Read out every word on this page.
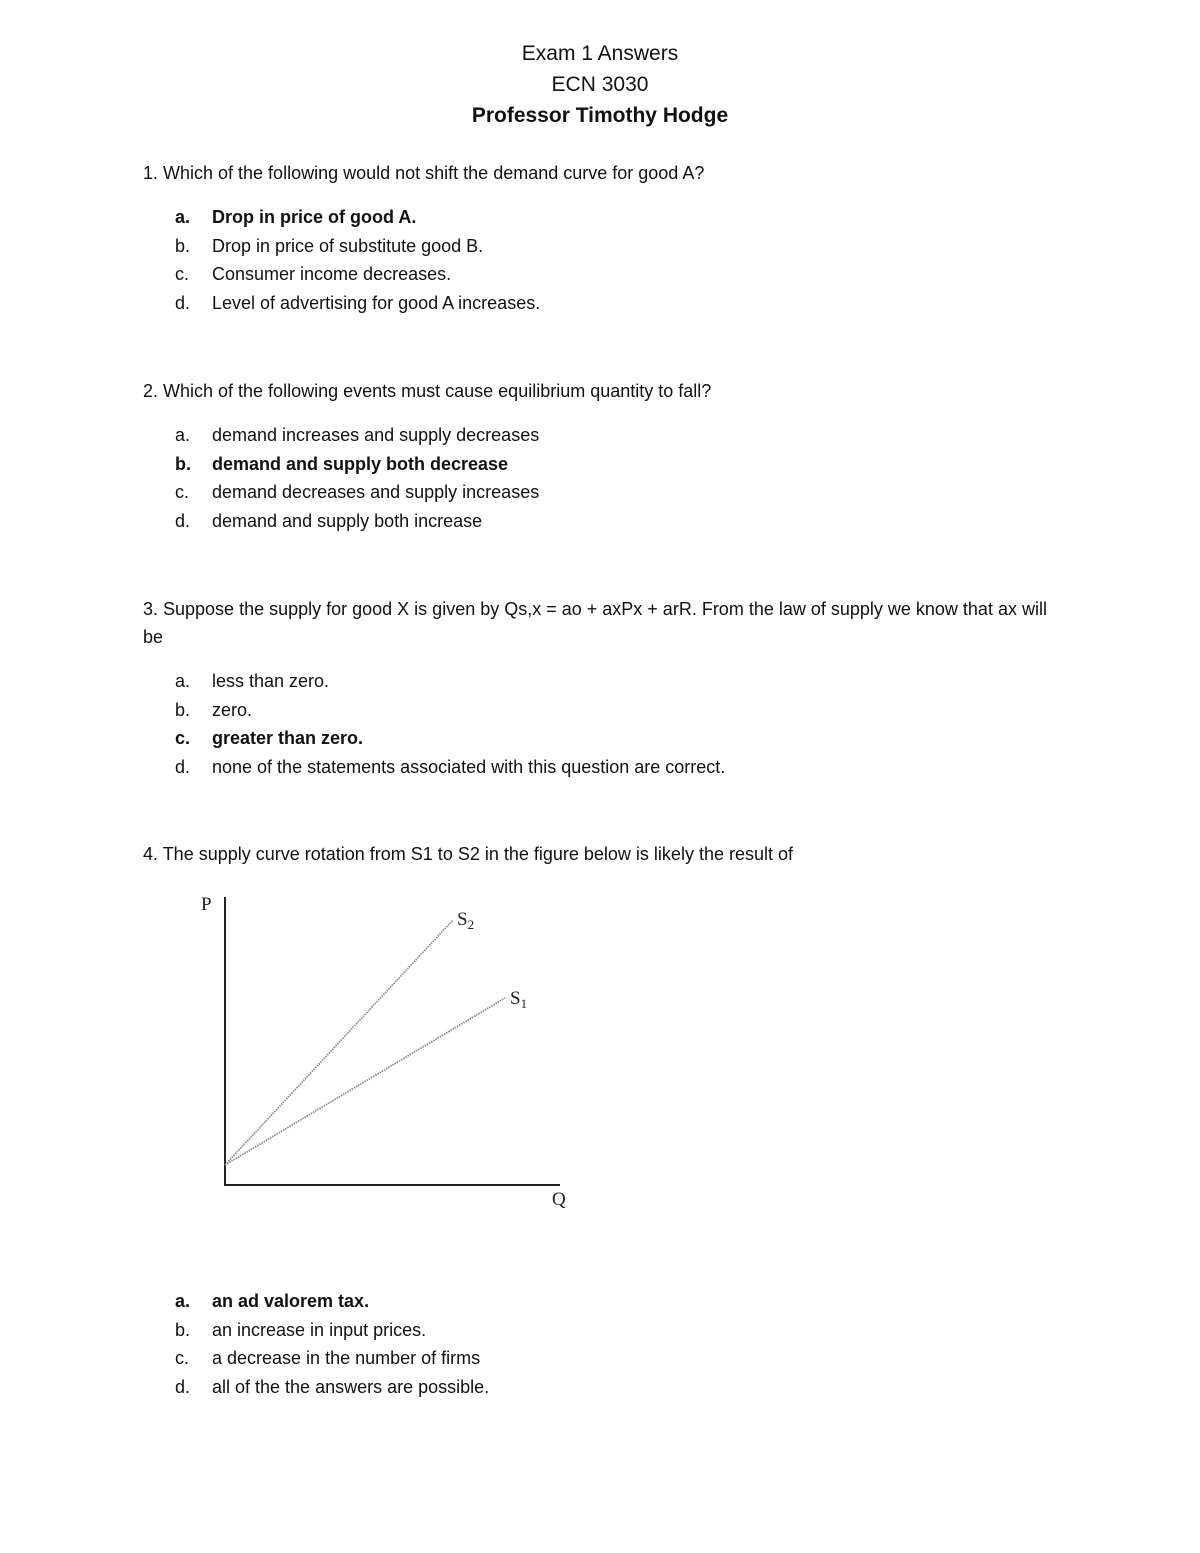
Exam 1 Answers
ECN 3030
Professor Timothy Hodge
1. Which of the following would not shift the demand curve for good A?
a. Drop in price of good A.
b. Drop in price of substitute good B.
c. Consumer income decreases.
d. Level of advertising for good A increases.
2. Which of the following events must cause equilibrium quantity to fall?
a. demand increases and supply decreases
b. demand and supply both decrease
c. demand decreases and supply increases
d. demand and supply both increase
3. Suppose the supply for good X is given by Qs,x = ao + axPx + arR. From the law of supply we know that ax will be
a. less than zero.
b. zero.
c. greater than zero.
d. none of the statements associated with this question are correct.
4. The supply curve rotation from S1 to S2 in the figure below is likely the result of
P
Q
$S_2$
$S_1$
a. an ad valorem tax.
b. an increase in input prices.
c. a decrease in the number of firms
d. all of the the answers are possible.
